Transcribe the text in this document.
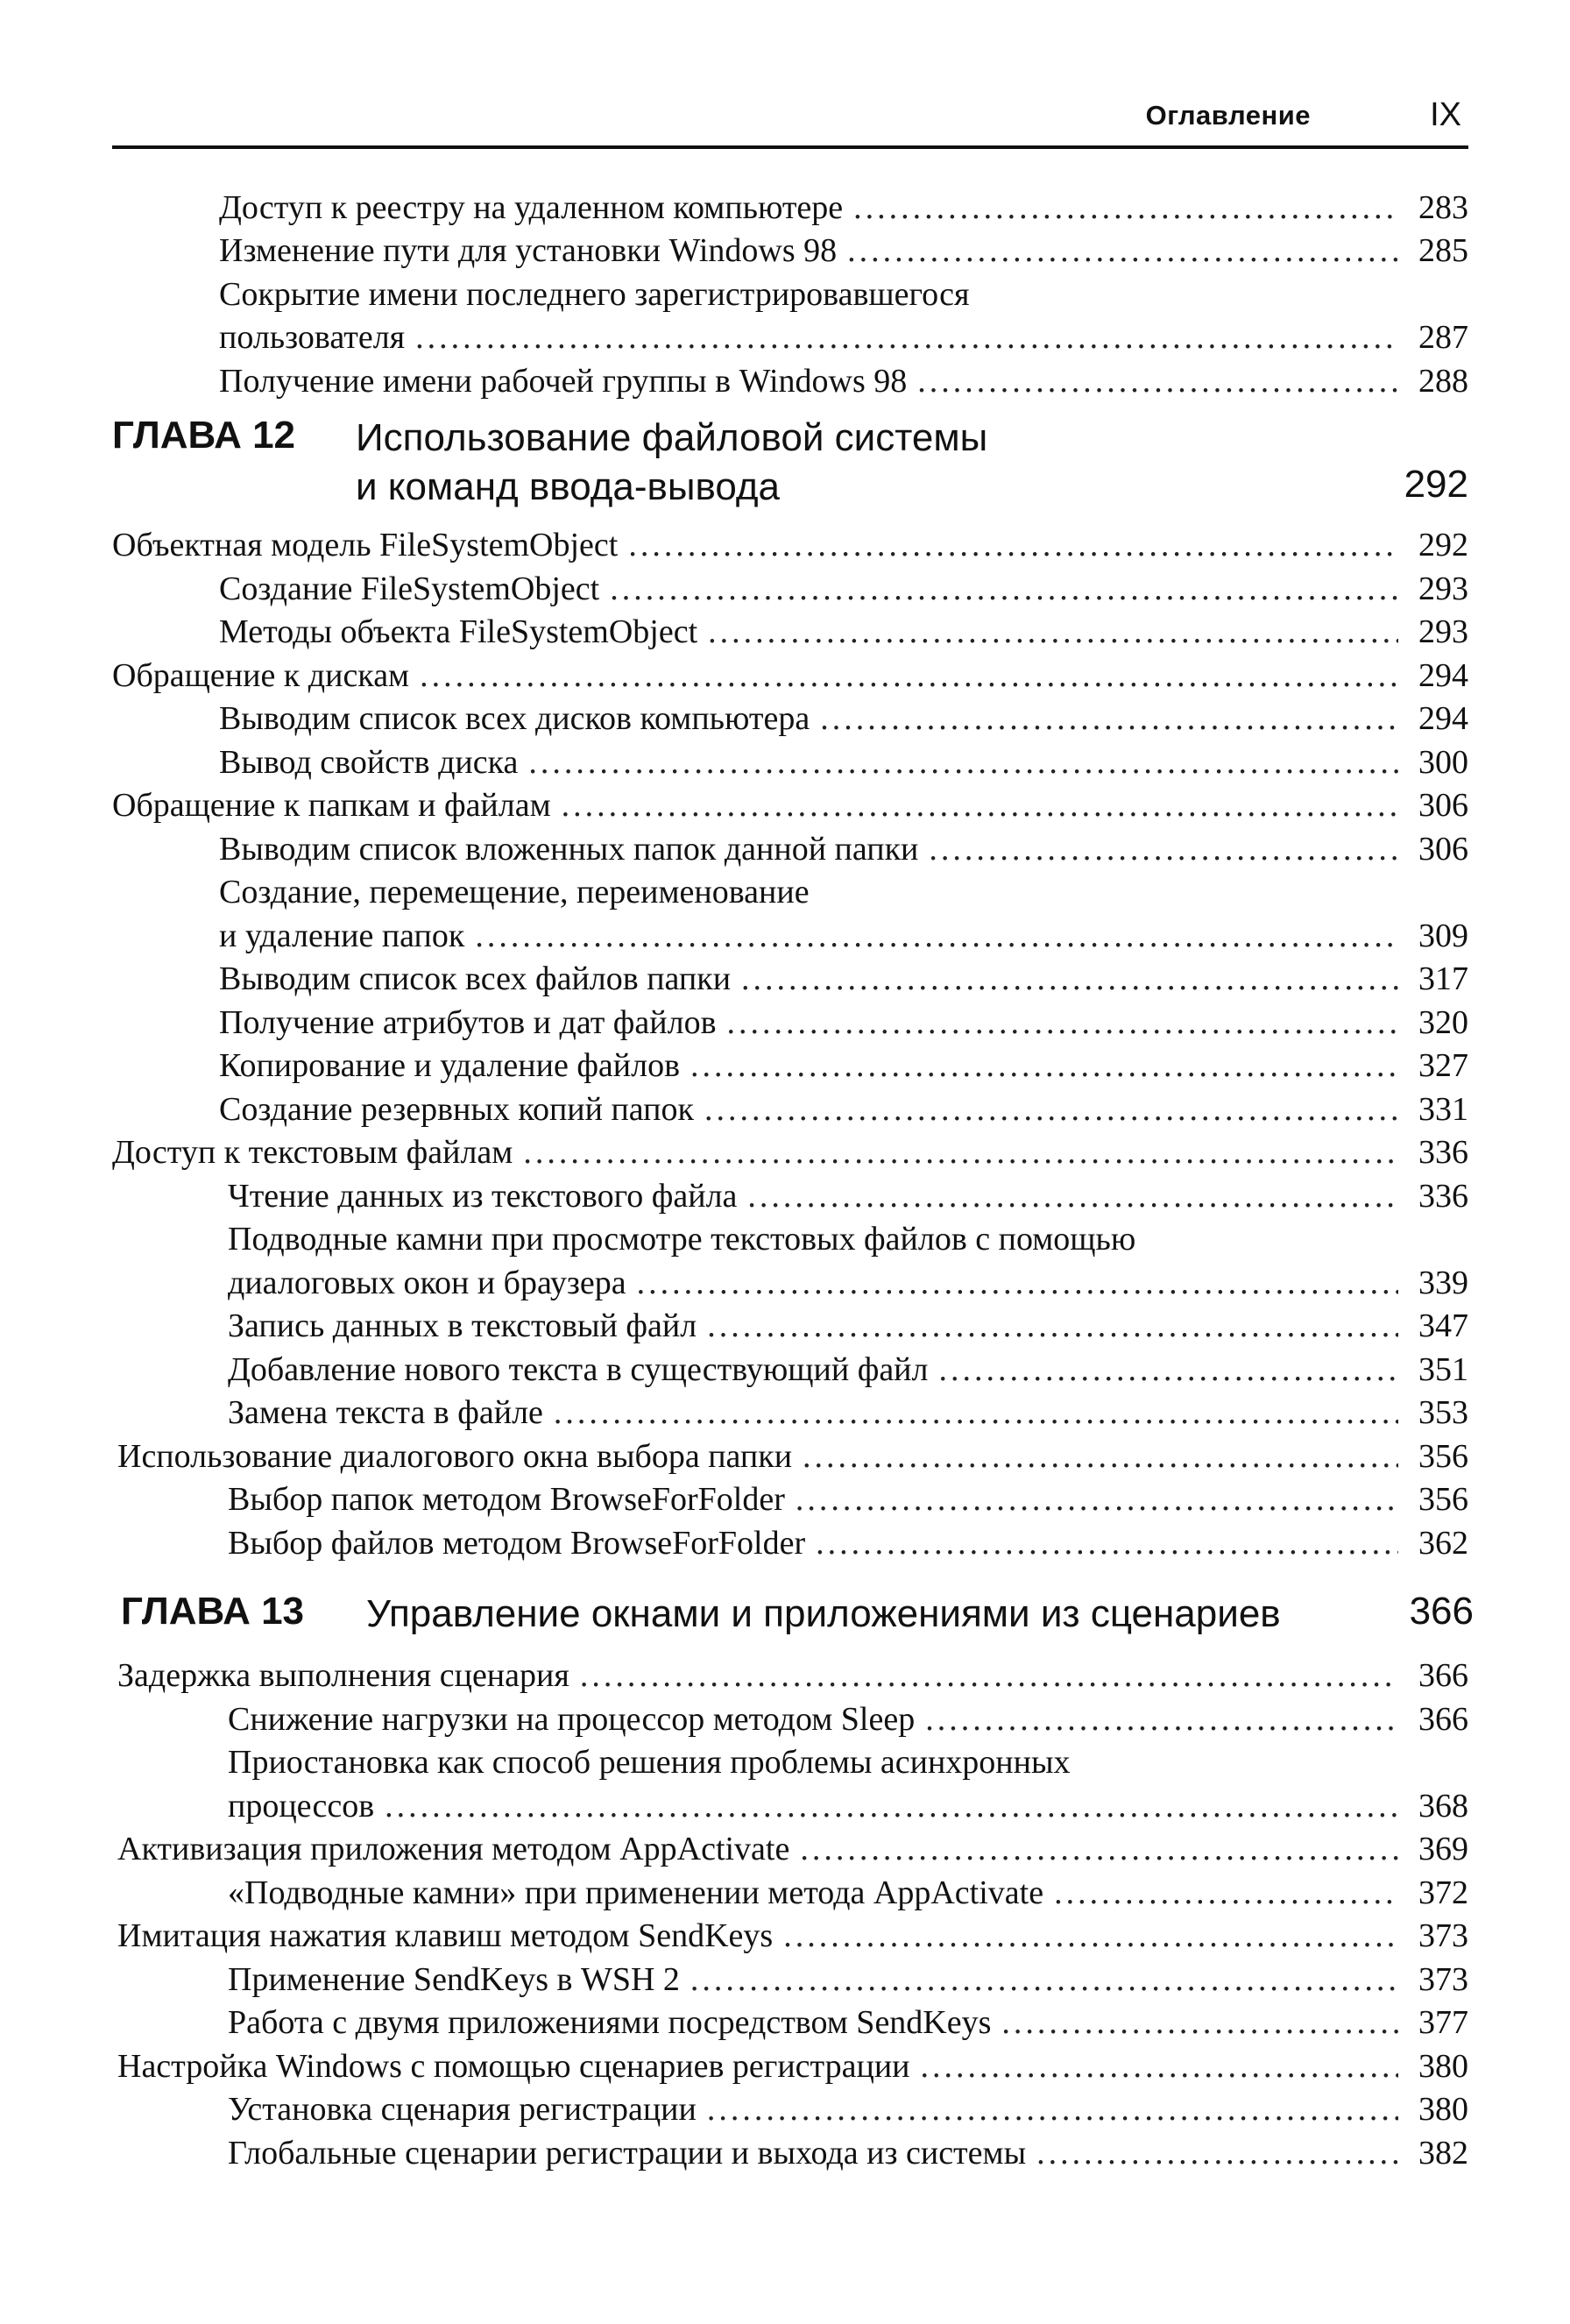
Оглавление	IX
Доступ к реестру на удаленном компьютере .....	283
Изменение пути для установки Windows 98 .....	285
Сокрытие имени последнего зарегистрировавшегося
пользователя .....	287
Получение имени рабочей группы в Windows 98 .....	288
ГЛАВА 12 Использование файловой системы
и команд ввода-вывода	292
Объектная модель FileSystemObject .....	292
Создание FileSystemObject .....	293
Методы объекта FileSystemObject .....	293
Обращение к дискам .....	294
Выводим список всех дисков компьютера .....	294
Вывод свойств диска .....	300
Обращение к папкам и файлам .....	306
Выводим список вложенных папок данной папки .....	306
Создание, перемещение, переименование
и удаление папок .....	309
Выводим список всех файлов папки .....	317
Получение атрибутов и дат файлов .....	320
Копирование и удаление файлов .....	327
Создание резервных копий папок .....	331
Доступ к текстовым файлам .....	336
Чтение данных из текстового файла .....	336
Подводные камни при просмотре текстовых файлов с помощью
диалоговых окон и браузера .....	339
Запись данных в текстовый файл .....	347
Добавление нового текста в существующий файл .....	351
Замена текста в файле .....	353
Использование диалогового окна выбора папки .....	356
Выбор папок методом BrowseForFolder .....	356
Выбор файлов методом BrowseForFolder .....	362
ГЛАВА 13 Управление окнами и приложениями из сценариев	366
Задержка выполнения сценария .....	366
Снижение нагрузки на процессор методом Sleep .....	366
Приостановка как способ решения проблемы асинхронных
процессов .....	368
Активизация приложения методом AppActivate .....	369
«Подводные камни» при применении метода AppActivate .....	372
Имитация нажатия клавиш методом SendKeys .....	373
Применение SendKeys в WSH 2 .....	373
Работа с двумя приложениями посредством SendKeys .....	377
Настройка Windows с помощью сценариев регистрации .....	380
Установка сценария регистрации .....	380
Глобальные сценарии регистрации и выхода из системы .....	382
